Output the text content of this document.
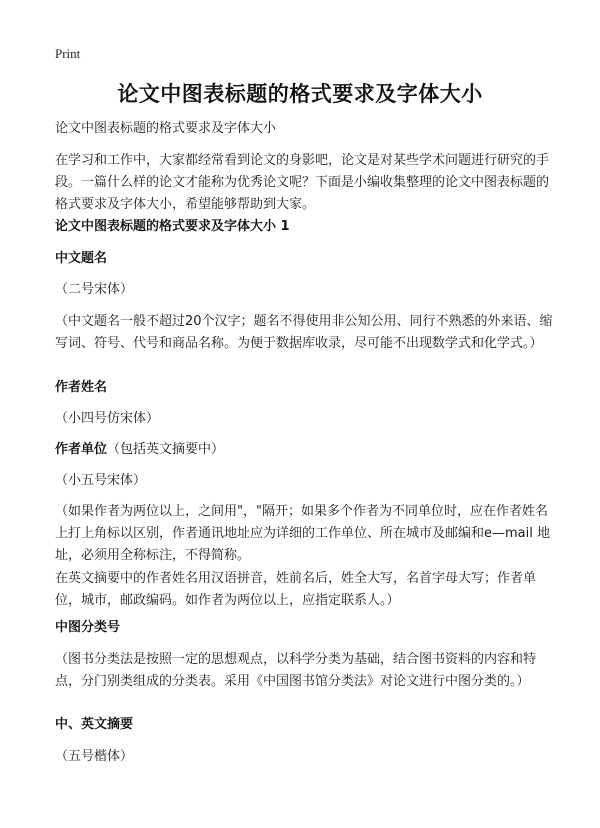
Print
论文中图表标题的格式要求及字体大小

论文中图表标题的格式要求及字体大小

在学习和工作中，大家都经常看到论文的身影吧，论文是对某些学术问题进行研究的手段。一篇什么样的论文才能称为优秀论文呢？下面是小编收集整理的论文中图表标题的格式要求及字体大小，希望能够帮助到大家。

论文中图表标题的格式要求及字体大小 1

中文题名

（二号宋体）

（中文题名一般不超过20个汉字；题名不得使用非公知公用、同行不熟悉的外来语、缩写词、符号、代号和商品名称。为便于数据库收录，尽可能不出现数学式和化学式。）

作者姓名

（小四号仿宋体）

作者单位（包括英文摘要中）

（小五号宋体）

（如果作者为两位以上，之间用"，"隔开；如果多个作者为不同单位时，应在作者姓名上打上角标以区别，作者通讯地址应为详细的工作单位、所在城市及邮编和e—mail 地址，必须用全称标注，不得简称。

在英文摘要中的作者姓名用汉语拼音，姓前名后，姓全大写，名首字母大写；作者单位，城市，邮政编码。如作者为两位以上，应指定联系人。）

中图分类号

（图书分类法是按照一定的思想观点，以科学分类为基础，结合图书资料的内容和特点，分门别类组成的分类表。采用《中国图书馆分类法》对论文进行中图分类的。）

中、英文摘要

（五号楷体）
